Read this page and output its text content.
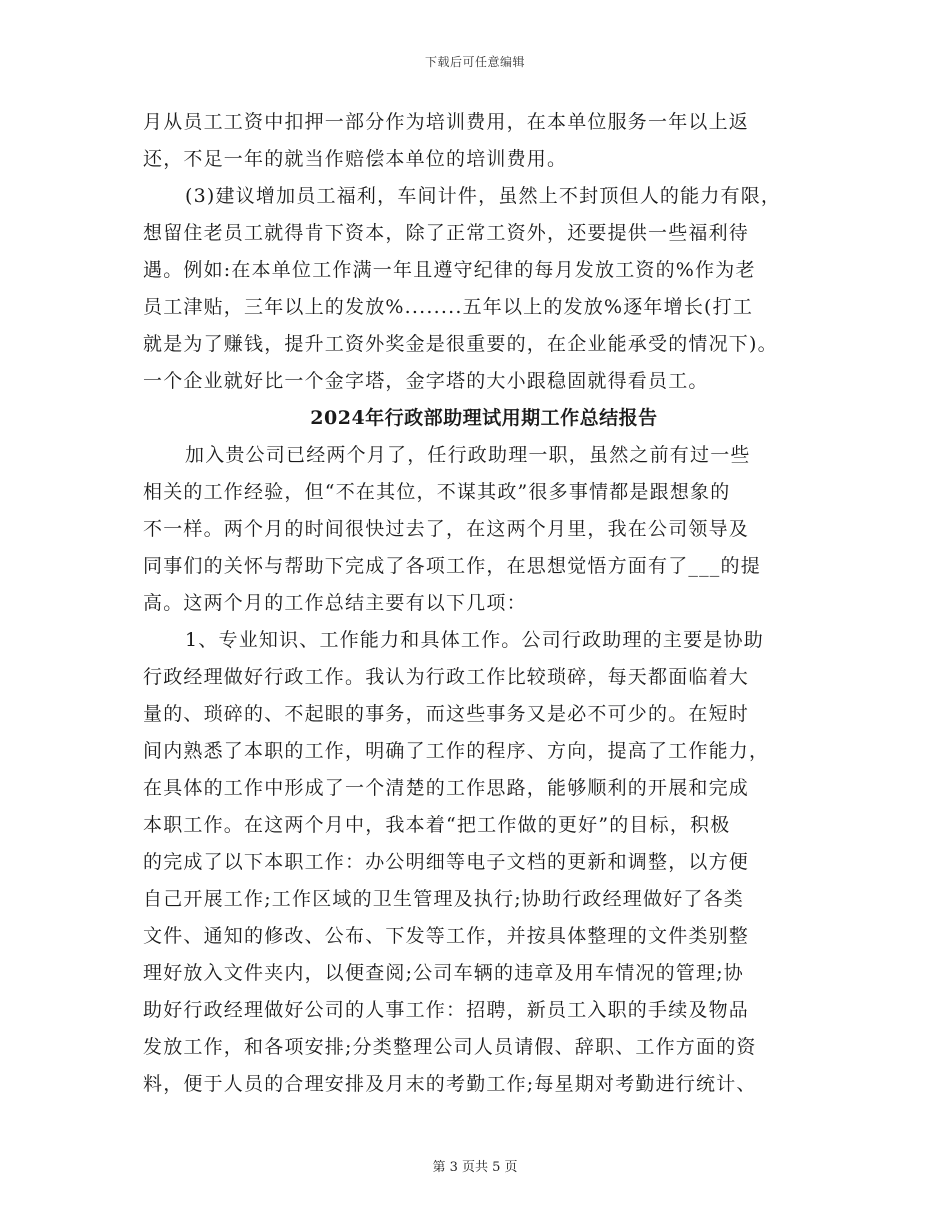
下载后可任意编辑
月从员工工资中扣押一部分作为培训费用，在本单位服务一年以上返
还，不足一年的就当作赔偿本单位的培训费用。
(3)建议增加员工福利，车间计件，虽然上不封顶但人的能力有限，
想留住老员工就得肯下资本，除了正常工资外，还要提供一些福利待
遇。例如:在本单位工作满一年且遵守纪律的每月发放工资的%作为老
员工津贴，三年以上的发放%........五年以上的发放%逐年增长(打工
就是为了赚钱，提升工资外奖金是很重要的，在企业能承受的情况下)。
一个企业就好比一个金字塔，金字塔的大小跟稳固就得看员工。
2024年行政部助理试用期工作总结报告
加入贵公司已经两个月了，任行政助理一职，虽然之前有过一些
相关的工作经验，但“不在其位，不谋其政”很多事情都是跟想象的
不一样。两个月的时间很快过去了，在这两个月里，我在公司领导及
同事们的关怀与帮助下完成了各项工作，在思想觉悟方面有了___的提
高。这两个月的工作总结主要有以下几项：
1、专业知识、工作能力和具体工作。公司行政助理的主要是协助
行政经理做好行政工作。我认为行政工作比较琐碎，每天都面临着大
量的、琐碎的、不起眼的事务，而这些事务又是必不可少的。在短时
间内熟悉了本职的工作，明确了工作的程序、方向，提高了工作能力，
在具体的工作中形成了一个清楚的工作思路，能够顺利的开展和完成
本职工作。在这两个月中，我本着“把工作做的更好”的目标，积极
的完成了以下本职工作：办公明细等电子文档的更新和调整，以方便
自己开展工作;工作区域的卫生管理及执行;协助行政经理做好了各类
文件、通知的修改、公布、下发等工作，并按具体整理的文件类别整
理好放入文件夹内，以便查阅;公司车辆的违章及用车情况的管理;协
助好行政经理做好公司的人事工作：招聘，新员工入职的手续及物品
发放工作，和各项安排;分类整理公司人员请假、辞职、工作方面的资
料，便于人员的合理安排及月末的考勤工作;每星期对考勤进行统计、
第 3 页共 5 页
